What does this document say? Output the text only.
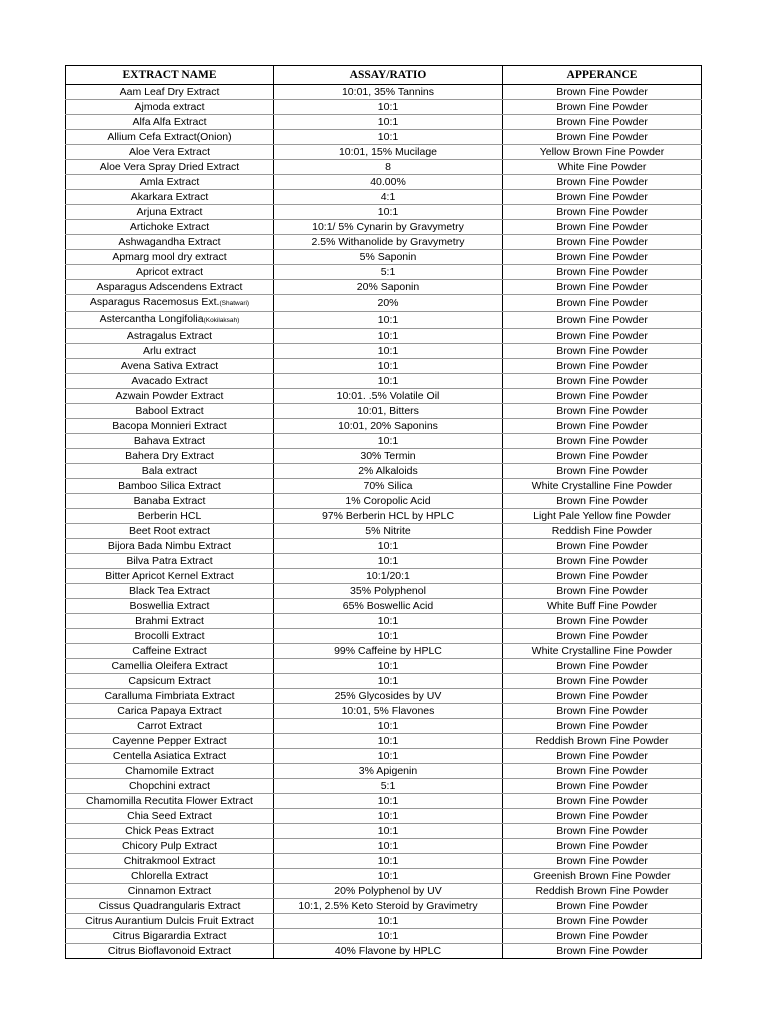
EXTRACT NAME	ASSAY/RATIO	APPERANCE
Aam Leaf Dry Extract	10:01, 35% Tannins	Brown Fine Powder
Ajmoda extract	10:1	Brown Fine Powder
Alfa Alfa Extract	10:1	Brown Fine Powder
Allium Cefa Extract(Onion)	10:1	Brown Fine Powder
Aloe Vera Extract	10:01, 15% Mucilage	Yellow Brown Fine Powder
Aloe Vera Spray Dried Extract	8	White Fine Powder
Amla Extract	40.00%	Brown Fine Powder
Akarkara Extract	4:1	Brown Fine Powder
Arjuna Extract	10:1	Brown Fine Powder
Artichoke Extract	10:1/ 5% Cynarin by Gravymetry	Brown Fine Powder
Ashwagandha Extract	2.5% Withanolide by Gravymetry	Brown Fine Powder
Apmarg mool dry extract	5% Saponin	Brown Fine Powder
Apricot extract	5:1	Brown Fine Powder
Asparagus Adscendens Extract	20% Saponin	Brown Fine Powder
Asparagus Racemosus Ext.(Shatwari)	20%	Brown Fine Powder
Astercantha Longifolia(Kokilaksah)	10:1	Brown Fine Powder
Astragalus Extract	10:1	Brown Fine Powder
Arlu extract	10:1	Brown Fine Powder
Avena Sativa Extract	10:1	Brown Fine Powder
Avacado Extract	10:1	Brown Fine Powder
Azwain Powder Extract	10:01. .5% Volatile Oil	Brown Fine Powder
Babool Extract	10:01, Bitters	Brown Fine Powder
Bacopa Monnieri Extract	10:01, 20% Saponins	Brown Fine Powder
Bahava Extract	10:1	Brown Fine Powder
Bahera Dry Extract	30% Termin	Brown Fine Powder
Bala extract	2% Alkaloids	Brown Fine Powder
Bamboo Silica Extract	70% Silica	White Crystalline Fine Powder
Banaba Extract	1% Coropolic Acid	Brown Fine Powder
Berberin HCL	97% Berberin HCL by HPLC	Light Pale Yellow fine Powder
Beet Root extract	5% Nitrite	Reddish Fine Powder
Bijora Bada Nimbu Extract	10:1	Brown Fine Powder
Bilva Patra Extract	10:1	Brown Fine Powder
Bitter Apricot Kernel Extract	10:1/20:1	Brown Fine Powder
Black Tea Extract	35% Polyphenol	Brown Fine Powder
Boswellia Extract	65% Boswellic Acid	White Buff Fine Powder
Brahmi Extract	10:1	Brown Fine Powder
Brocolli Extract	10:1	Brown Fine Powder
Caffeine Extract	99% Caffeine by HPLC	White Crystalline Fine Powder
Camellia Oleifera Extract	10:1	Brown Fine Powder
Capsicum Extract	10:1	Brown Fine Powder
Caralluma Fimbriata Extract	25% Glycosides by UV	Brown Fine Powder
Carica Papaya Extract	10:01, 5% Flavones	Brown Fine Powder
Carrot Extract	10:1	Brown Fine Powder
Cayenne Pepper Extract	10:1	Reddish Brown Fine Powder
Centella Asiatica Extract	10:1	Brown Fine Powder
Chamomile Extract	3% Apigenin	Brown Fine Powder
Chopchini extract	5:1	Brown Fine Powder
Chamomilla Recutita Flower Extract	10:1	Brown Fine Powder
Chia Seed Extract	10:1	Brown Fine Powder
Chick Peas Extract	10:1	Brown Fine Powder
Chicory Pulp Extract	10:1	Brown Fine Powder
Chitrakmool Extract	10:1	Brown Fine Powder
Chlorella Extract	10:1	Greenish Brown Fine Powder
Cinnamon Extract	20% Polyphenol by UV	Reddish Brown Fine Powder
Cissus Quadrangularis Extract	10:1, 2.5% Keto Steroid by Gravimetry	Brown Fine Powder
Citrus Aurantium Dulcis Fruit Extract	10:1	Brown Fine Powder
Citrus Bigarardia Extract	10:1	Brown Fine Powder
Citrus Bioflavonoid Extract	40% Flavone by HPLC	Brown Fine Powder
